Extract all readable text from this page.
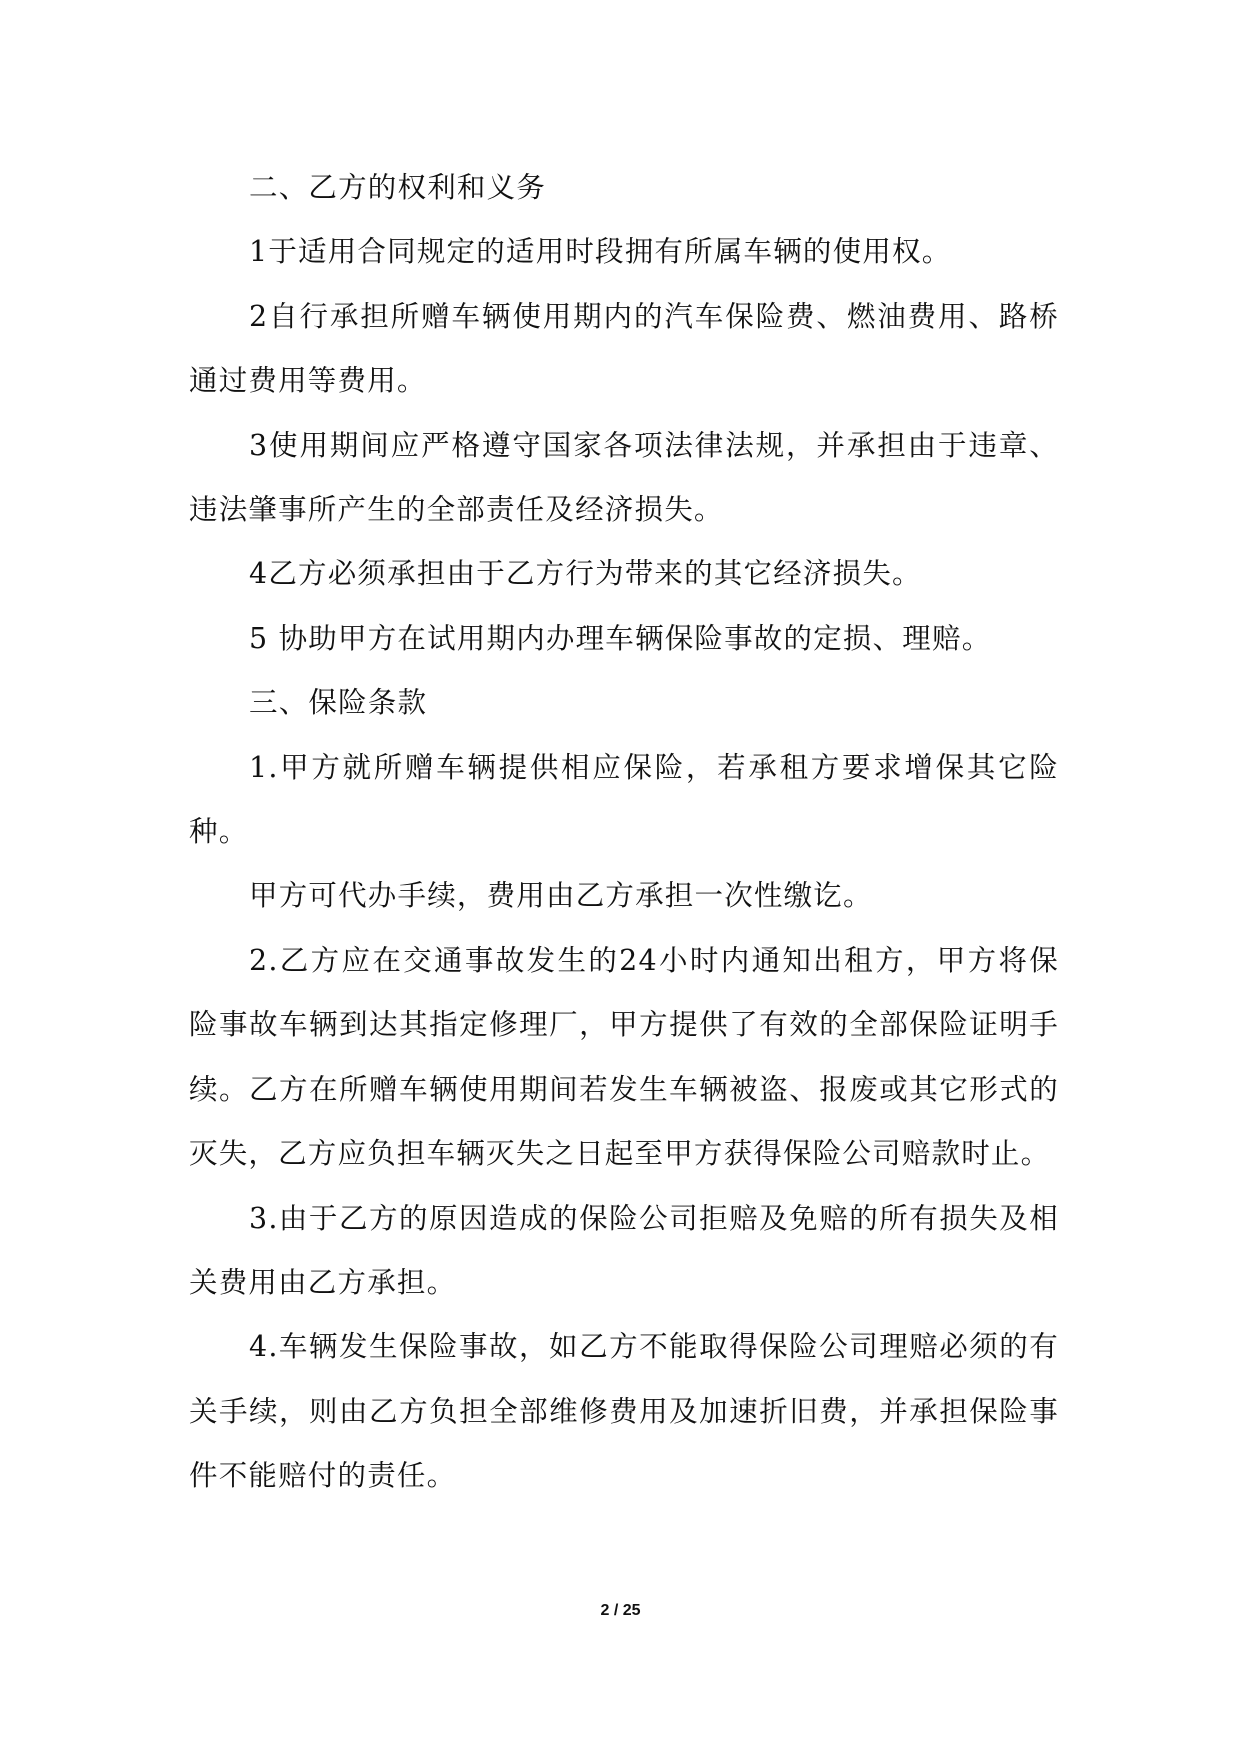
二、乙方的权利和义务

1于适用合同规定的适用时段拥有所属车辆的使用权。

2自行承担所赠车辆使用期内的汽车保险费、燃油费用、路桥通过费用等费用。

3使用期间应严格遵守国家各项法律法规，并承担由于违章、违法肇事所产生的全部责任及经济损失。

4乙方必须承担由于乙方行为带来的其它经济损失。

5 协助甲方在试用期内办理车辆保险事故的定损、理赔。

三、保险条款

1.甲方就所赠车辆提供相应保险，若承租方要求增保其它险种。

甲方可代办手续，费用由乙方承担一次性缴讫。

2.乙方应在交通事故发生的24小时内通知出租方，甲方将保险事故车辆到达其指定修理厂，甲方提供了有效的全部保险证明手续。乙方在所赠车辆使用期间若发生车辆被盗、报废或其它形式的灭失，乙方应负担车辆灭失之日起至甲方获得保险公司赔款时止。

3.由于乙方的原因造成的保险公司拒赔及免赔的所有损失及相关费用由乙方承担。

4.车辆发生保险事故，如乙方不能取得保险公司理赔必须的有关手续，则由乙方负担全部维修费用及加速折旧费，并承担保险事件不能赔付的责任。

2 / 25
